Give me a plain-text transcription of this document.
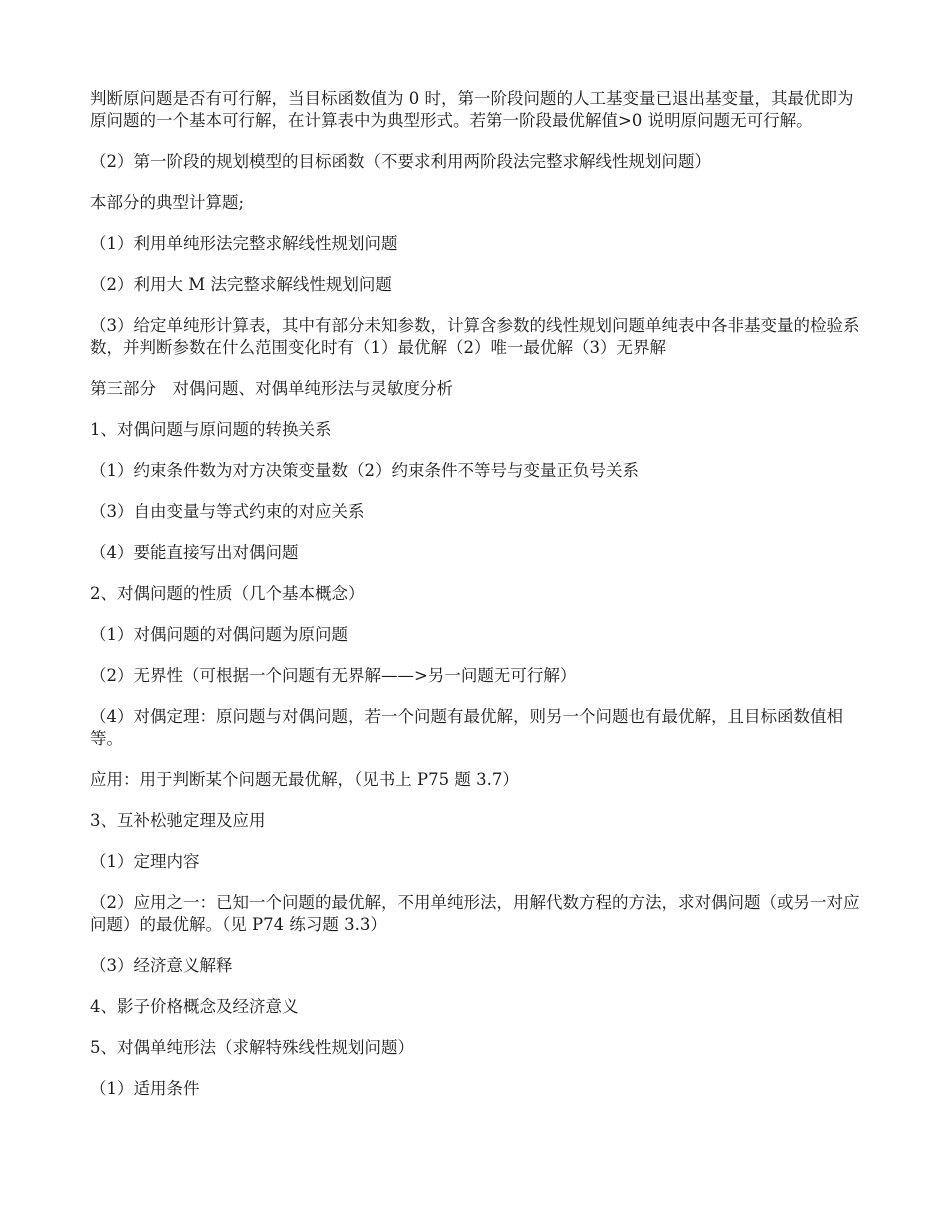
判断原问题是否有可行解，当目标函数值为 0 时，第一阶段问题的人工基变量已退出基变量，其最优即为原问题的一个基本可行解，在计算表中为典型形式。若第一阶段最优解值>0 说明原问题无可行解。

（2）第一阶段的规划模型的目标函数（不要求利用两阶段法完整求解线性规划问题）

本部分的典型计算题;

（1）利用单纯形法完整求解线性规划问题

（2）利用大 M 法完整求解线性规划问题

（3）给定单纯形计算表，其中有部分未知参数，计算含参数的线性规划问题单纯表中各非基变量的检验系数，并判断参数在什么范围变化时有（1）最优解（2）唯一最优解（3）无界解

第三部分　对偶问题、对偶单纯形法与灵敏度分析

1、对偶问题与原问题的转换关系

（1）约束条件数为对方决策变量数（2）约束条件不等号与变量正负号关系

（3）自由变量与等式约束的对应关系

（4）要能直接写出对偶问题

2、对偶问题的性质（几个基本概念）

（1）对偶问题的对偶问题为原问题

（2）无界性（可根据一个问题有无界解——>另一问题无可行解）

（4）对偶定理：原问题与对偶问题，若一个问题有最优解，则另一个问题也有最优解，且目标函数值相等。

应用：用于判断某个问题无最优解，（见书上 P75 题 3.7）

3、互补松驰定理及应用

（1）定理内容

（2）应用之一：已知一个问题的最优解，不用单纯形法，用解代数方程的方法，求对偶问题（或另一对应问题）的最优解。（见 P74 练习题 3.3）

（3）经济意义解释

4、影子价格概念及经济意义

5、对偶单纯形法（求解特殊线性规划问题）

（1）适用条件
